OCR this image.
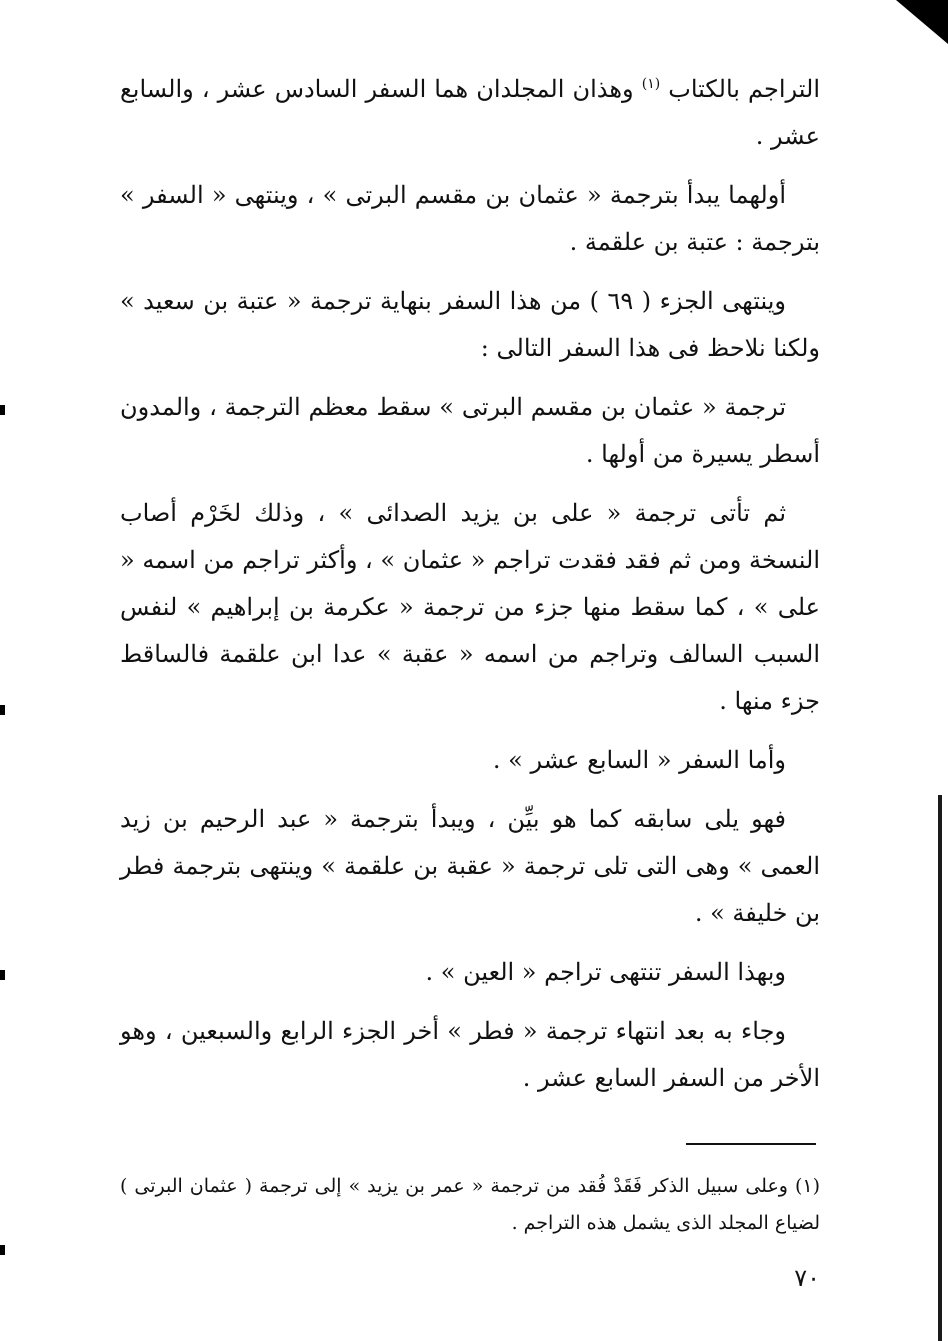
التراجم بالكتاب $^{(١)}$ وهذان المجلدان هما السفر السادس عشر ، والسابع عشر .

أولهما يبدأ بترجمة « عثمان بن مقسم البرتى » ، وينتهى « السفر » بترجمة : عتبة بن علقمة .

وينتهى الجزء ( ٦٩ ) من هذا السفر بنهاية ترجمة « عتبة بن سعيد » ولكنا نلاحظ فى هذا السفر التالى :

ترجمة « عثمان بن مقسم البرتى » سقط معظم الترجمة ، والمدون أسطر يسيرة من أولها .

ثم تأتى ترجمة « على بن يزيد الصدائى » ، وذلك لخَرْم أصاب النسخة ومن ثم فقد فقدت تراجم « عثمان » ، وأكثر تراجم من اسمه « على » ، كما سقط منها جزء من ترجمة « عكرمة بن إبراهيم » لنفس السبب السالف وتراجم من اسمه « عقبة » عدا ابن علقمة فالساقط جزء منها .

وأما السفر « السابع عشر » .

فهو يلى سابقه كما هو بيِّن ، ويبدأ بترجمة « عبد الرحيم بن زيد العمى » وهى التى تلى ترجمة « عقبة بن علقمة » وينتهى بترجمة فطر بن خليفة » .

وبهذا السفر تنتهى تراجم « العين » .

وجاء به بعد انتهاء ترجمة « فطر » أخر الجزء الرابع والسبعين ، وهو الأخر من السفر السابع عشر .

(١) وعلى سبيل الذكر فَقَدْ فُقد من ترجمة « عمر بن يزيد » إلى ترجمة ( عثمان البرتى ) لضياع المجلد الذى يشمل هذه التراجم .
٧٠
